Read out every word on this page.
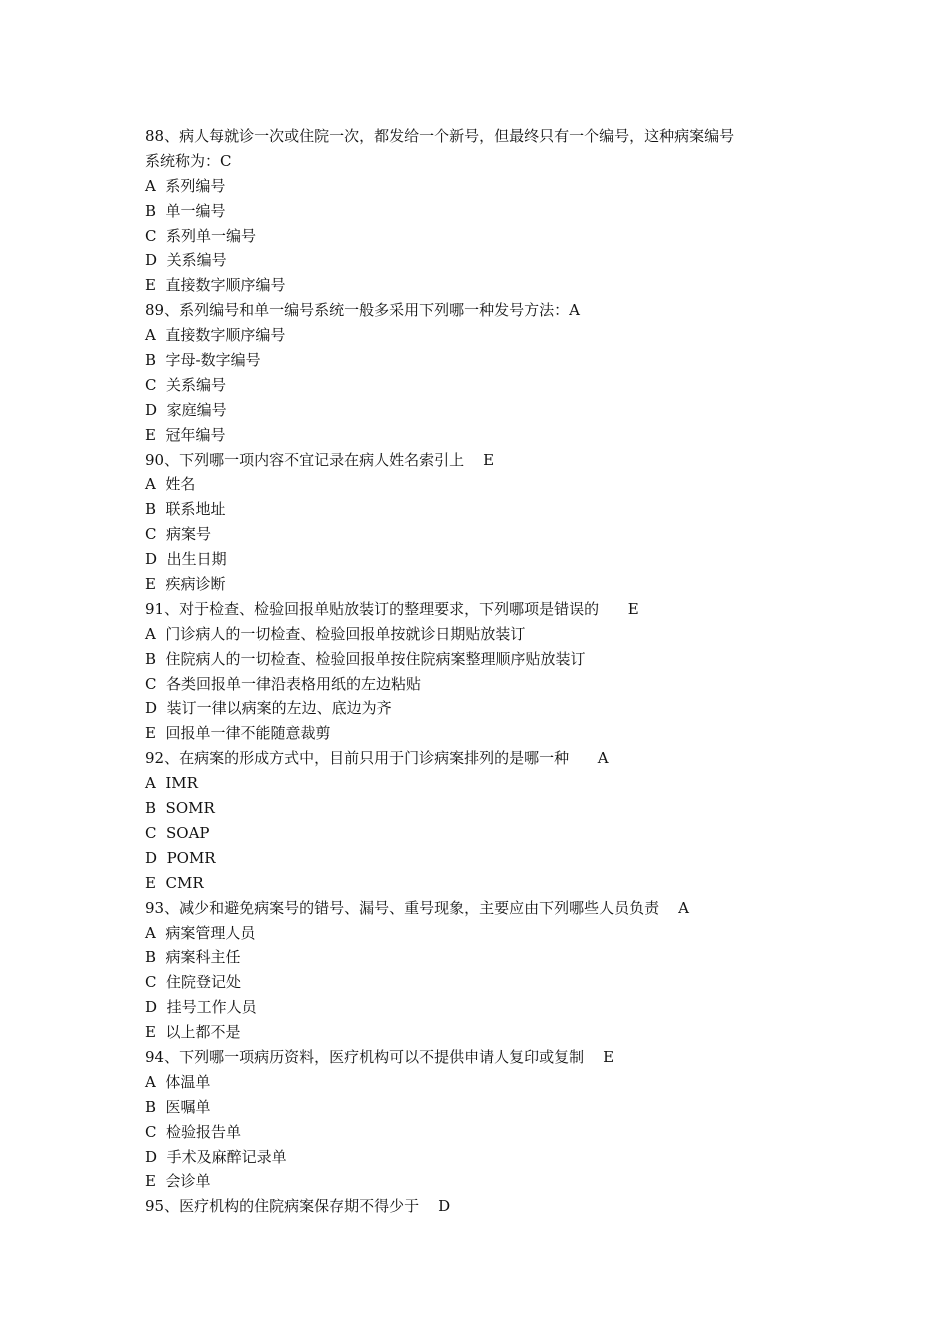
88、病人每就诊一次或住院一次，都发给一个新号，但最终只有一个编号，这种病案编号
系统称为：C
A  系列编号
B  单一编号
C  系列单一编号
D  关系编号
E  直接数字顺序编号
89、系列编号和单一编号系统一般多采用下列哪一种发号方法：A
A  直接数字顺序编号
B  字母-数字编号
C  关系编号
D  家庭编号
E  冠年编号
90、下列哪一项内容不宜记录在病人姓名索引上    E
A  姓名
B  联系地址
C  病案号
D  出生日期
E  疾病诊断
91、对于检查、检验回报单贴放装订的整理要求，下列哪项是错误的      E
A  门诊病人的一切检查、检验回报单按就诊日期贴放装订
B  住院病人的一切检查、检验回报单按住院病案整理顺序贴放装订
C  各类回报单一律沿表格用纸的左边粘贴
D  装订一律以病案的左边、底边为齐
E  回报单一律不能随意裁剪
92、在病案的形成方式中，目前只用于门诊病案排列的是哪一种      A
A  IMR
B  SOMR
C  SOAP
D  POMR
E  CMR
93、减少和避免病案号的错号、漏号、重号现象，主要应由下列哪些人员负责    A
A  病案管理人员
B  病案科主任
C  住院登记处
D  挂号工作人员
E  以上都不是
94、下列哪一项病历资料，医疗机构可以不提供申请人复印或复制    E
A  体温单
B  医嘱单
C  检验报告单
D  手术及麻醉记录单
E  会诊单
95、医疗机构的住院病案保存期不得少于    D
